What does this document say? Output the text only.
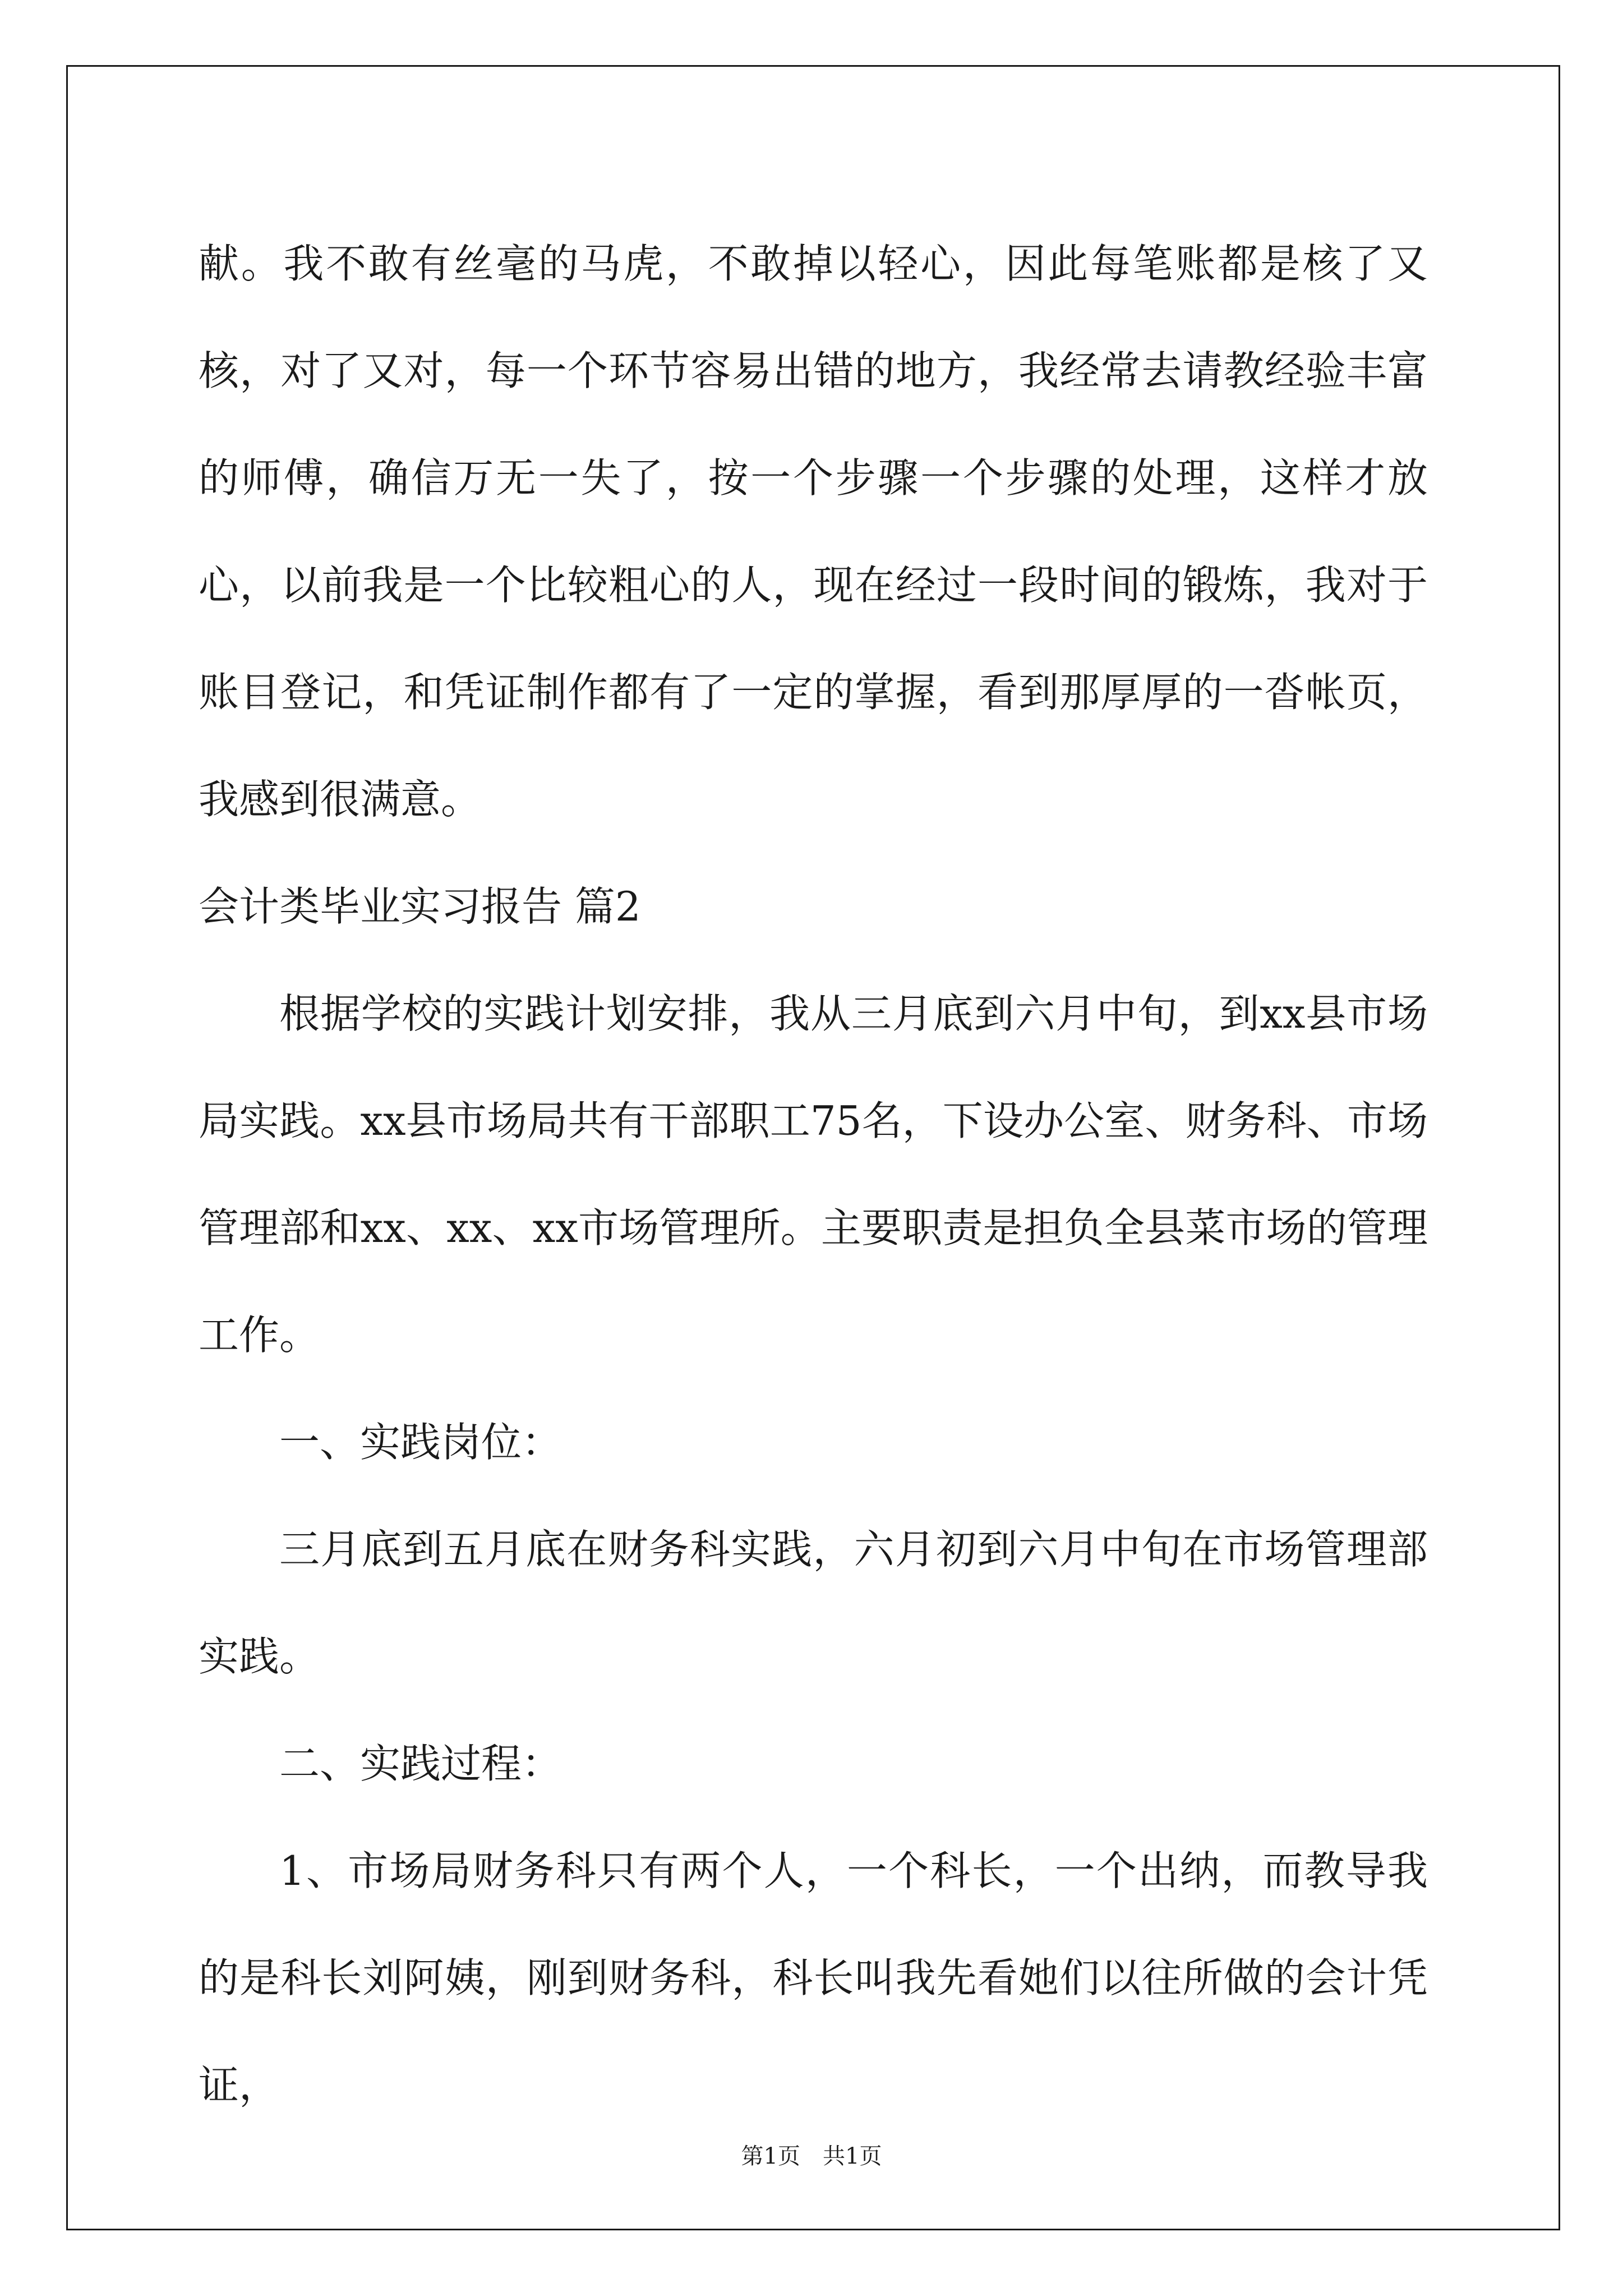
献。我不敢有丝毫的马虎，不敢掉以轻心，因此每笔账都是核了又核，对了又对，每一个环节容易出错的地方，我经常去请教经验丰富的师傅，确信万无一失了，按一个步骤一个步骤的处理，这样才放心，以前我是一个比较粗心的人，现在经过一段时间的锻炼，我对于账目登记，和凭证制作都有了一定的掌握，看到那厚厚的一沓帐页，我感到很满意。

会计类毕业实习报告 篇2

根据学校的实践计划安排，我从三月底到六月中旬，到xx县市场局实践。xx县市场局共有干部职工75名，下设办公室、财务科、市场管理部和xx、xx、xx市场管理所。主要职责是担负全县菜市场的管理工作。

一、实践岗位：

三月底到五月底在财务科实践，六月初到六月中旬在市场管理部实践。

二、实践过程：

1、市场局财务科只有两个人，一个科长，一个出纳，而教导我的是科长刘阿姨，刚到财务科，科长叫我先看她们以往所做的会计凭证，

第1页　共1页
